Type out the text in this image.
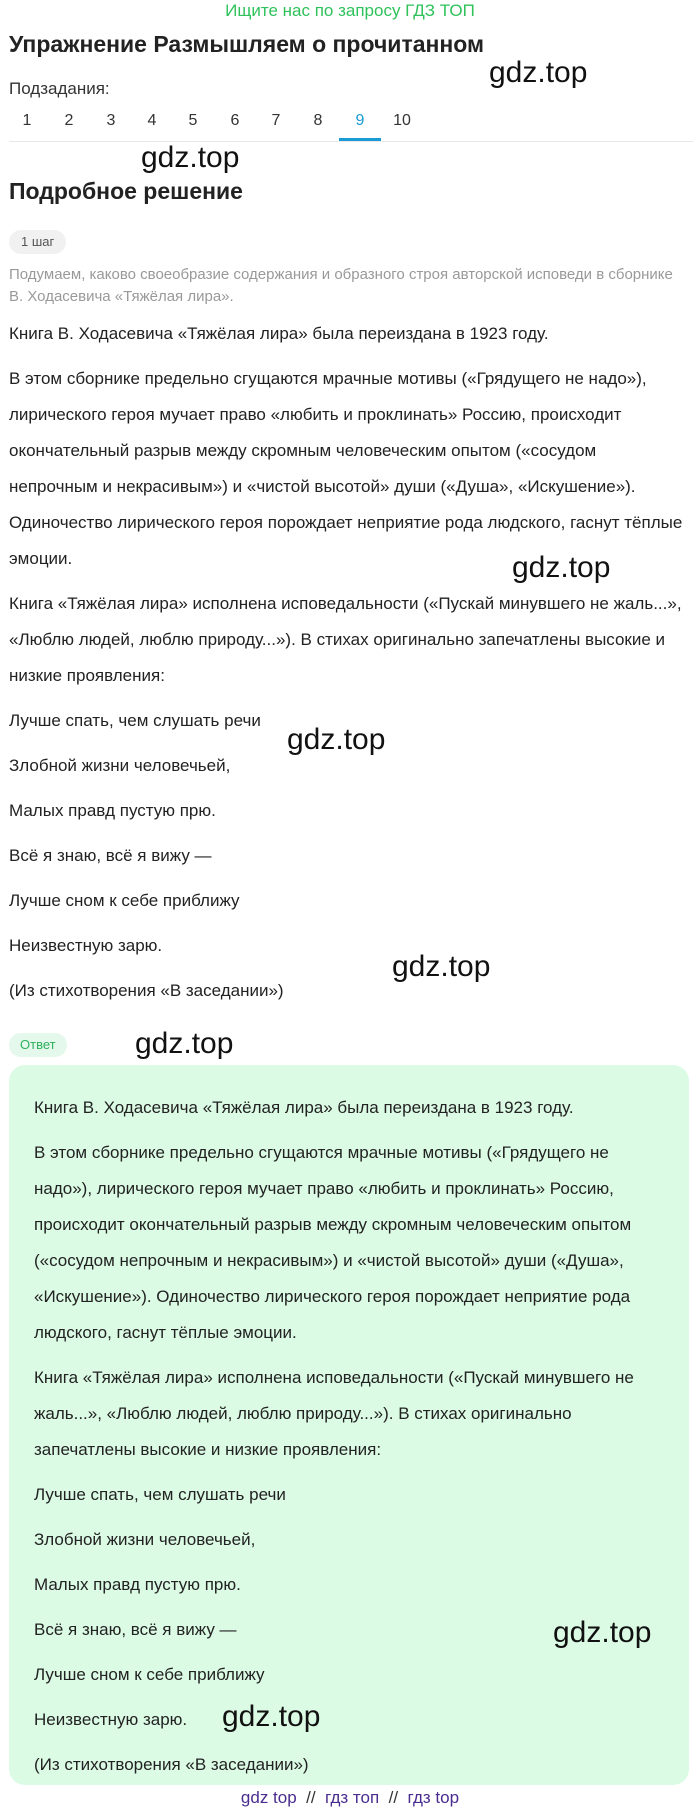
Ищите нас по запросу ГДЗ ТОП
Упражнение Размышляем о прочитанном
Подзадания:
1	2	3	4	5	6	7	8	9	10
Подробное решение
1 шаг
Подумаем, каково своеобразие содержания и образного строя авторской исповеди в сборнике В. Ходасевича «Тяжёлая лира».

Книга В. Ходасевича «Тяжёлая лира» была переиздана в 1923 году.

В этом сборнике предельно сгущаются мрачные мотивы («Грядущего не надо»), лирического героя мучает право «любить и проклинать» Россию, происходит окончательный разрыв между скромным человеческим опытом («сосудом непрочным и некрасивым») и «чистой высотой» души («Душа», «Искушение»). Одиночество лирического героя порождает неприятие рода людского, гаснут тёплые эмоции.

Книга «Тяжёлая лира» исполнена исповедальности («Пускай минувшего не жаль...», «Люблю людей, люблю природу...»). В стихах оригинально запечатлены высокие и низкие проявления:

Лучше спать, чем слушать речи

Злобной жизни человечьей,

Малых правд пустую прю.

Всё я знаю, всё я вижу —

Лучше сном к себе приближу

Неизвестную зарю.

(Из стихотворения «В заседании»)

Ответ

Книга В. Ходасевича «Тяжёлая лира» была переиздана в 1923 году.

В этом сборнике предельно сгущаются мрачные мотивы («Грядущего не надо»), лирического героя мучает право «любить и проклинать» Россию, происходит окончательный разрыв между скромным человеческим опытом («сосудом непрочным и некрасивым») и «чистой высотой» души («Душа», «Искушение»). Одиночество лирического героя порождает неприятие рода людского, гаснут тёплые эмоции.

Книга «Тяжёлая лира» исполнена исповедальности («Пускай минувшего не жаль...», «Люблю людей, люблю природу...»). В стихах оригинально запечатлены высокие и низкие проявления:

Лучше спать, чем слушать речи

Злобной жизни человечьей,

Малых правд пустую прю.

Всё я знаю, всё я вижу —

Лучше сном к себе приближу

Неизвестную зарю.

(Из стихотворения «В заседании»)

gdz.top
gdz.top
gdz.top
gdz.top
gdz.top
gdz.top
gdz.top
gdz.top
gdz top // гдз топ // гдз top
